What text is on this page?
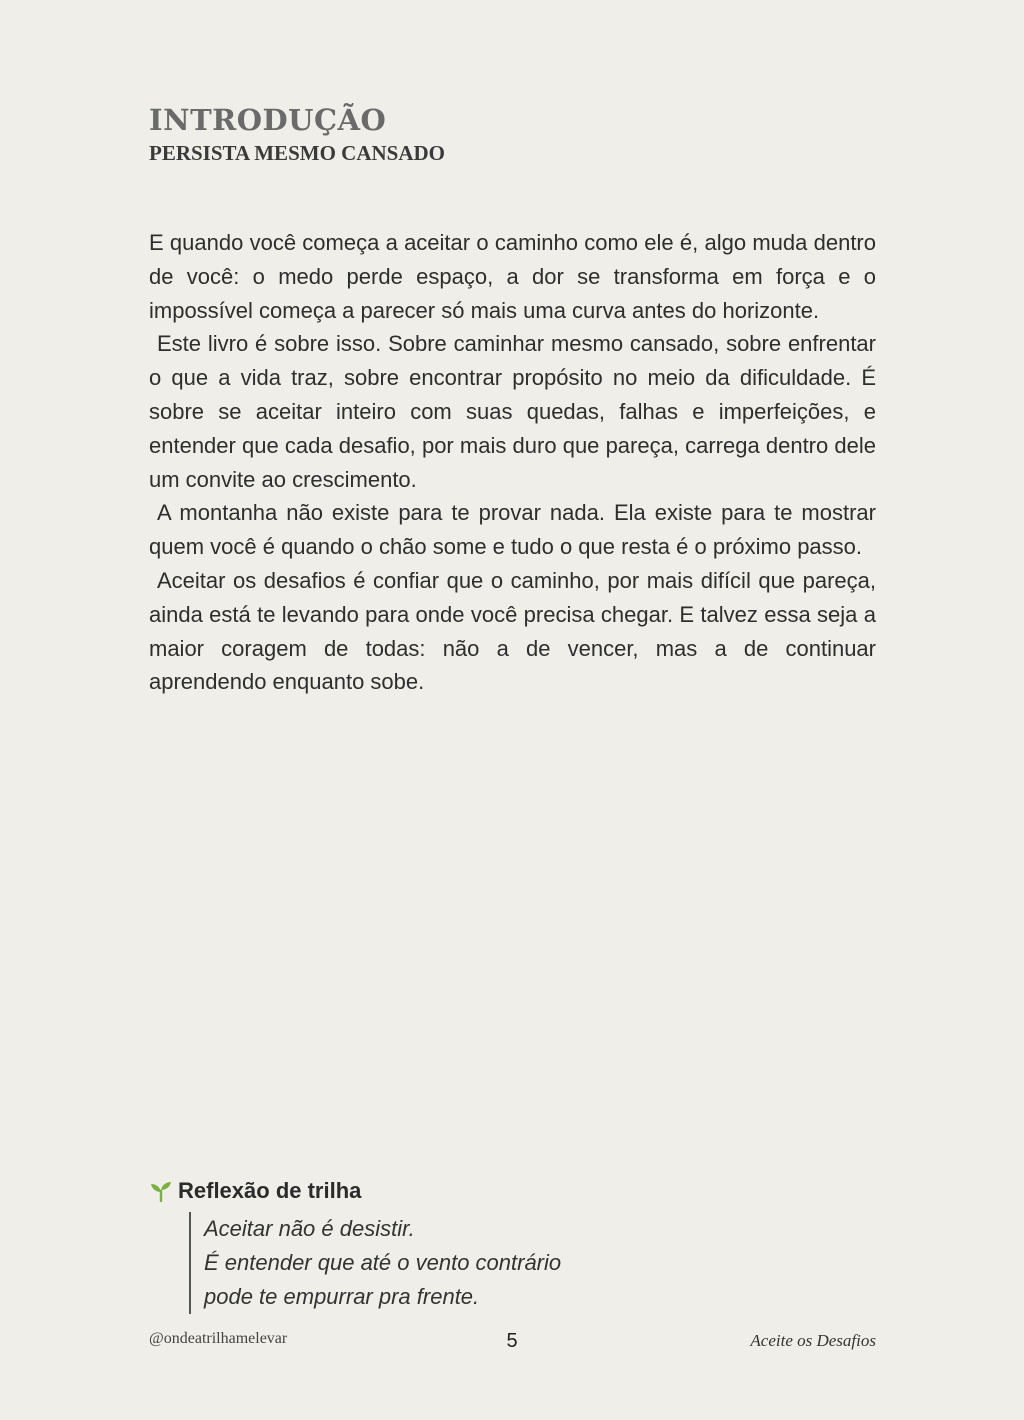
INTRODUÇÃO
PERSISTA MESMO CANSADO

E quando você começa a aceitar o caminho como ele é, algo muda dentro de você: o medo perde espaço, a dor se transforma em força e o impossível começa a parecer só mais uma curva antes do horizonte.

Este livro é sobre isso. Sobre caminhar mesmo cansado, sobre enfrentar o que a vida traz, sobre encontrar propósito no meio da dificuldade. É sobre se aceitar inteiro com suas quedas, falhas e imperfeições, e entender que cada desafio, por mais duro que pareça, carrega dentro dele um convite ao crescimento.

A montanha não existe para te provar nada. Ela existe para te mostrar quem você é quando o chão some e tudo o que resta é o próximo passo.

Aceitar os desafios é confiar que o caminho, por mais difícil que pareça, ainda está te levando para onde você precisa chegar. E talvez essa seja a maior coragem de todas: não a de vencer, mas a de continuar aprendendo enquanto sobe.

Reflexão de trilha
Aceitar não é desistir.
É entender que até o vento contrário
pode te empurrar pra frente.
@ondeatrilhamelevar	5	Aceite os Desafios
